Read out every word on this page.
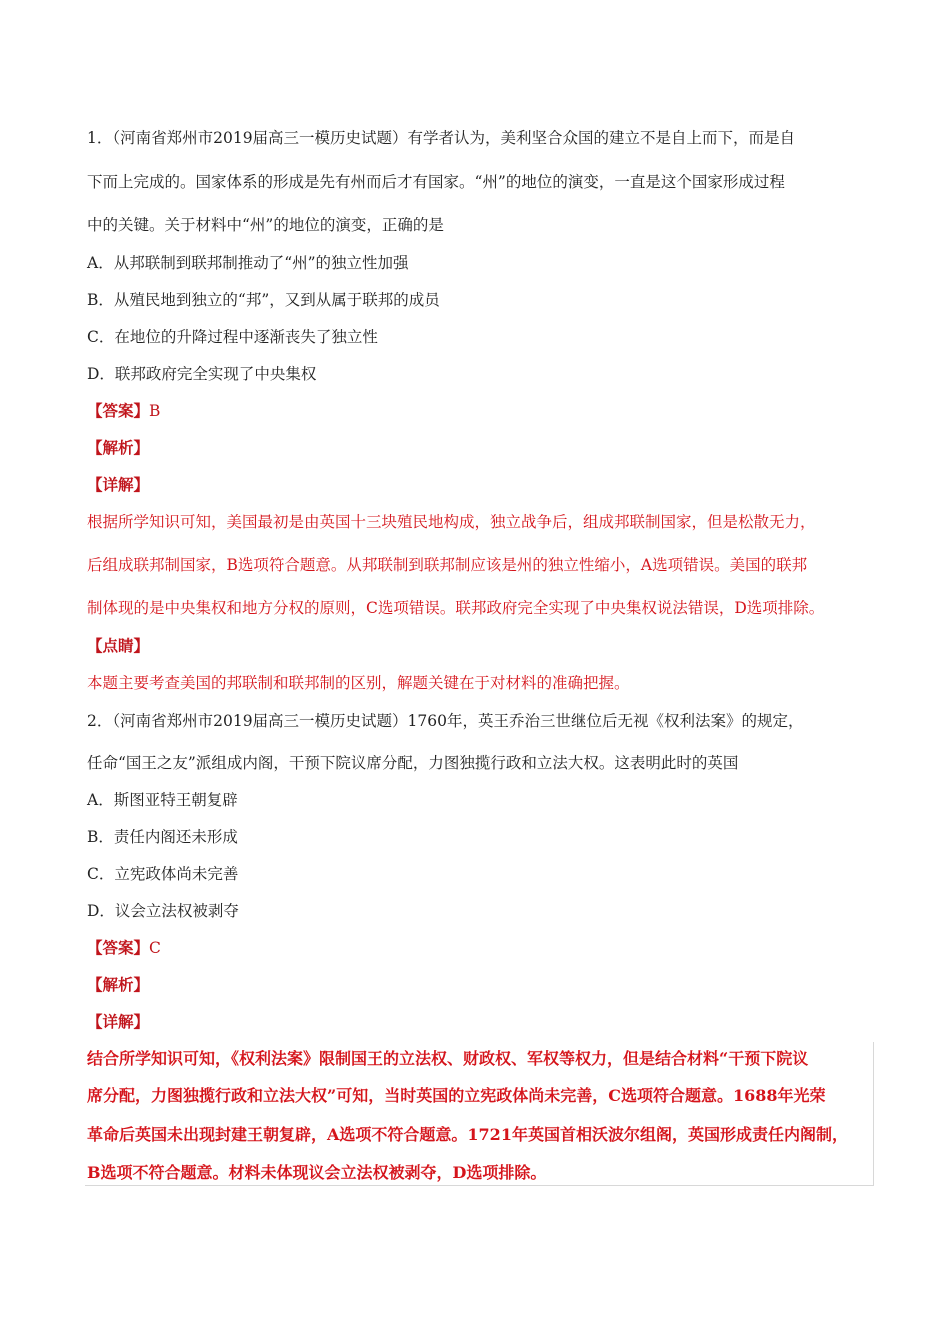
1．（河南省郑州市2019届高三一模历史试题）有学者认为，美利坚合众国的建立不是自上而下，而是自
下而上完成的。国家体系的形成是先有州而后才有国家。“州”的地位的演变，一直是这个国家形成过程
中的关键。关于材料中“州”的地位的演变，正确的是
A．从邦联制到联邦制推动了“州”的独立性加强
B．从殖民地到独立的“邦”，又到从属于联邦的成员
C．在地位的升降过程中逐渐丧失了独立性
D．联邦政府完全实现了中央集权
【答案】B
【解析】
【详解】
根据所学知识可知，美国最初是由英国十三块殖民地构成，独立战争后，组成邦联制国家，但是松散无力，
后组成联邦制国家，B选项符合题意。从邦联制到联邦制应该是州的独立性缩小，A选项错误。美国的联邦
制体现的是中央集权和地方分权的原则，C选项错误。联邦政府完全实现了中央集权说法错误，D选项排除。
【点睛】
本题主要考查美国的邦联制和联邦制的区别，解题关键在于对材料的准确把握。
2．（河南省郑州市2019届高三一模历史试题）1760年，英王乔治三世继位后无视《权利法案》的规定，
任命“国王之友”派组成内阁，干预下院议席分配，力图独揽行政和立法大权。这表明此时的英国
A．斯图亚特王朝复辟
B．责任内阁还未形成
C．立宪政体尚未完善
D．议会立法权被剥夺
【答案】C
【解析】
【详解】
结合所学知识可知，《权利法案》限制国王的立法权、财政权、军权等权力，但是结合材料“干预下院议
席分配，力图独揽行政和立法大权”可知，当时英国的立宪政体尚未完善，C选项符合题意。1688年光荣
革命后英国未出现封建王朝复辟，A选项不符合题意。1721年英国首相沃波尔组阁，英国形成责任内阁制，
B选项不符合题意。材料未体现议会立法权被剥夺，D选项排除。
